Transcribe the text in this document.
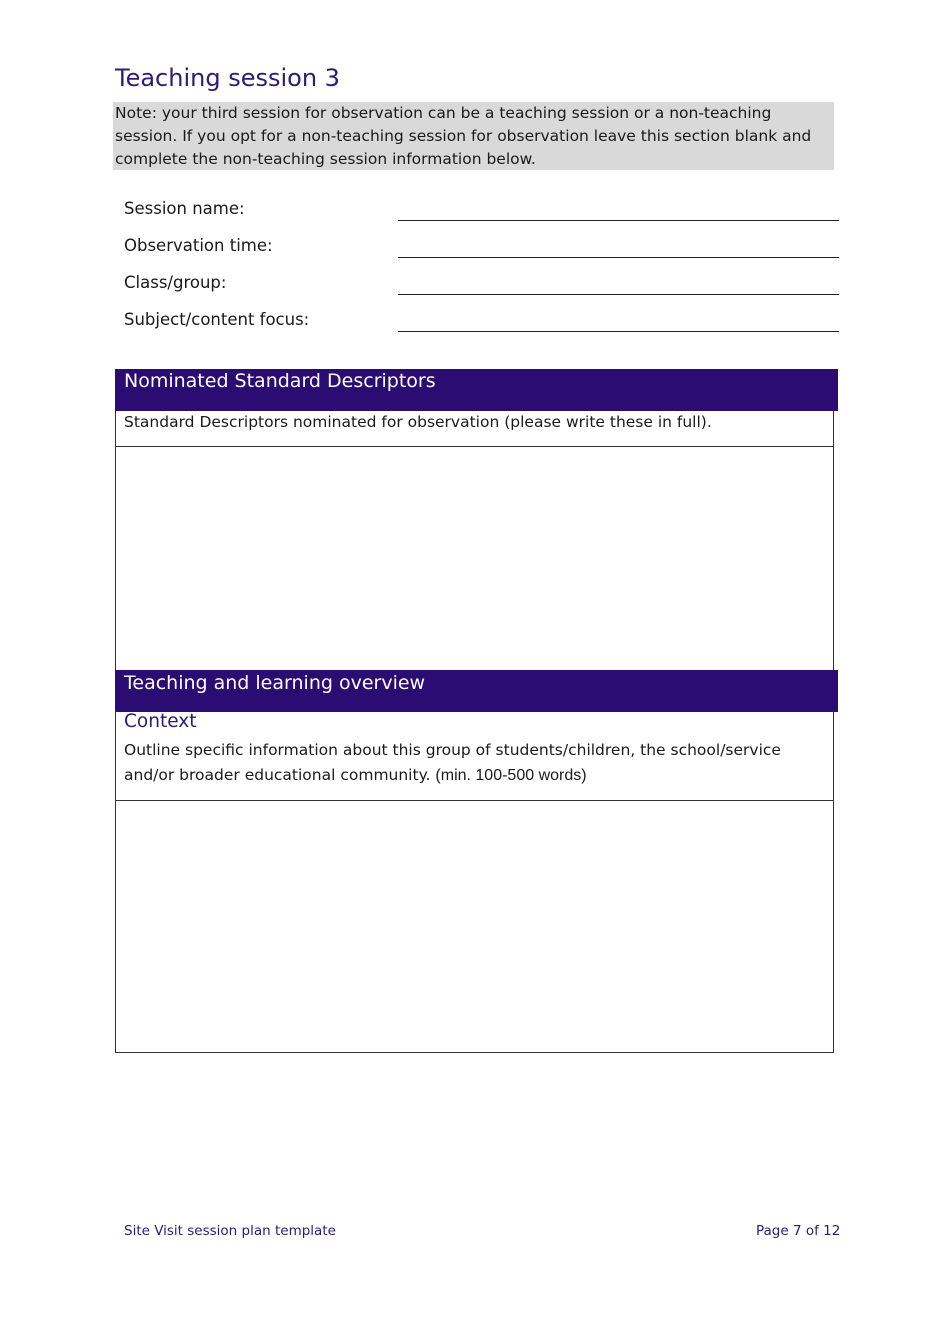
Teaching session 3
Note: your third session for observation can be a teaching session or a non-teaching session. If you opt for a non-teaching session for observation leave this section blank and complete the non-teaching session information below.
Session name:
Observation time:
Class/group:
Subject/content focus:
Nominated Standard Descriptors
Standard Descriptors nominated for observation (please write these in full).
Teaching and learning overview
Context
Outline specific information about this group of students/children, the school/service and/or broader educational community. (min. 100-500 words)
Site Visit session plan template	Page 7 of 12
